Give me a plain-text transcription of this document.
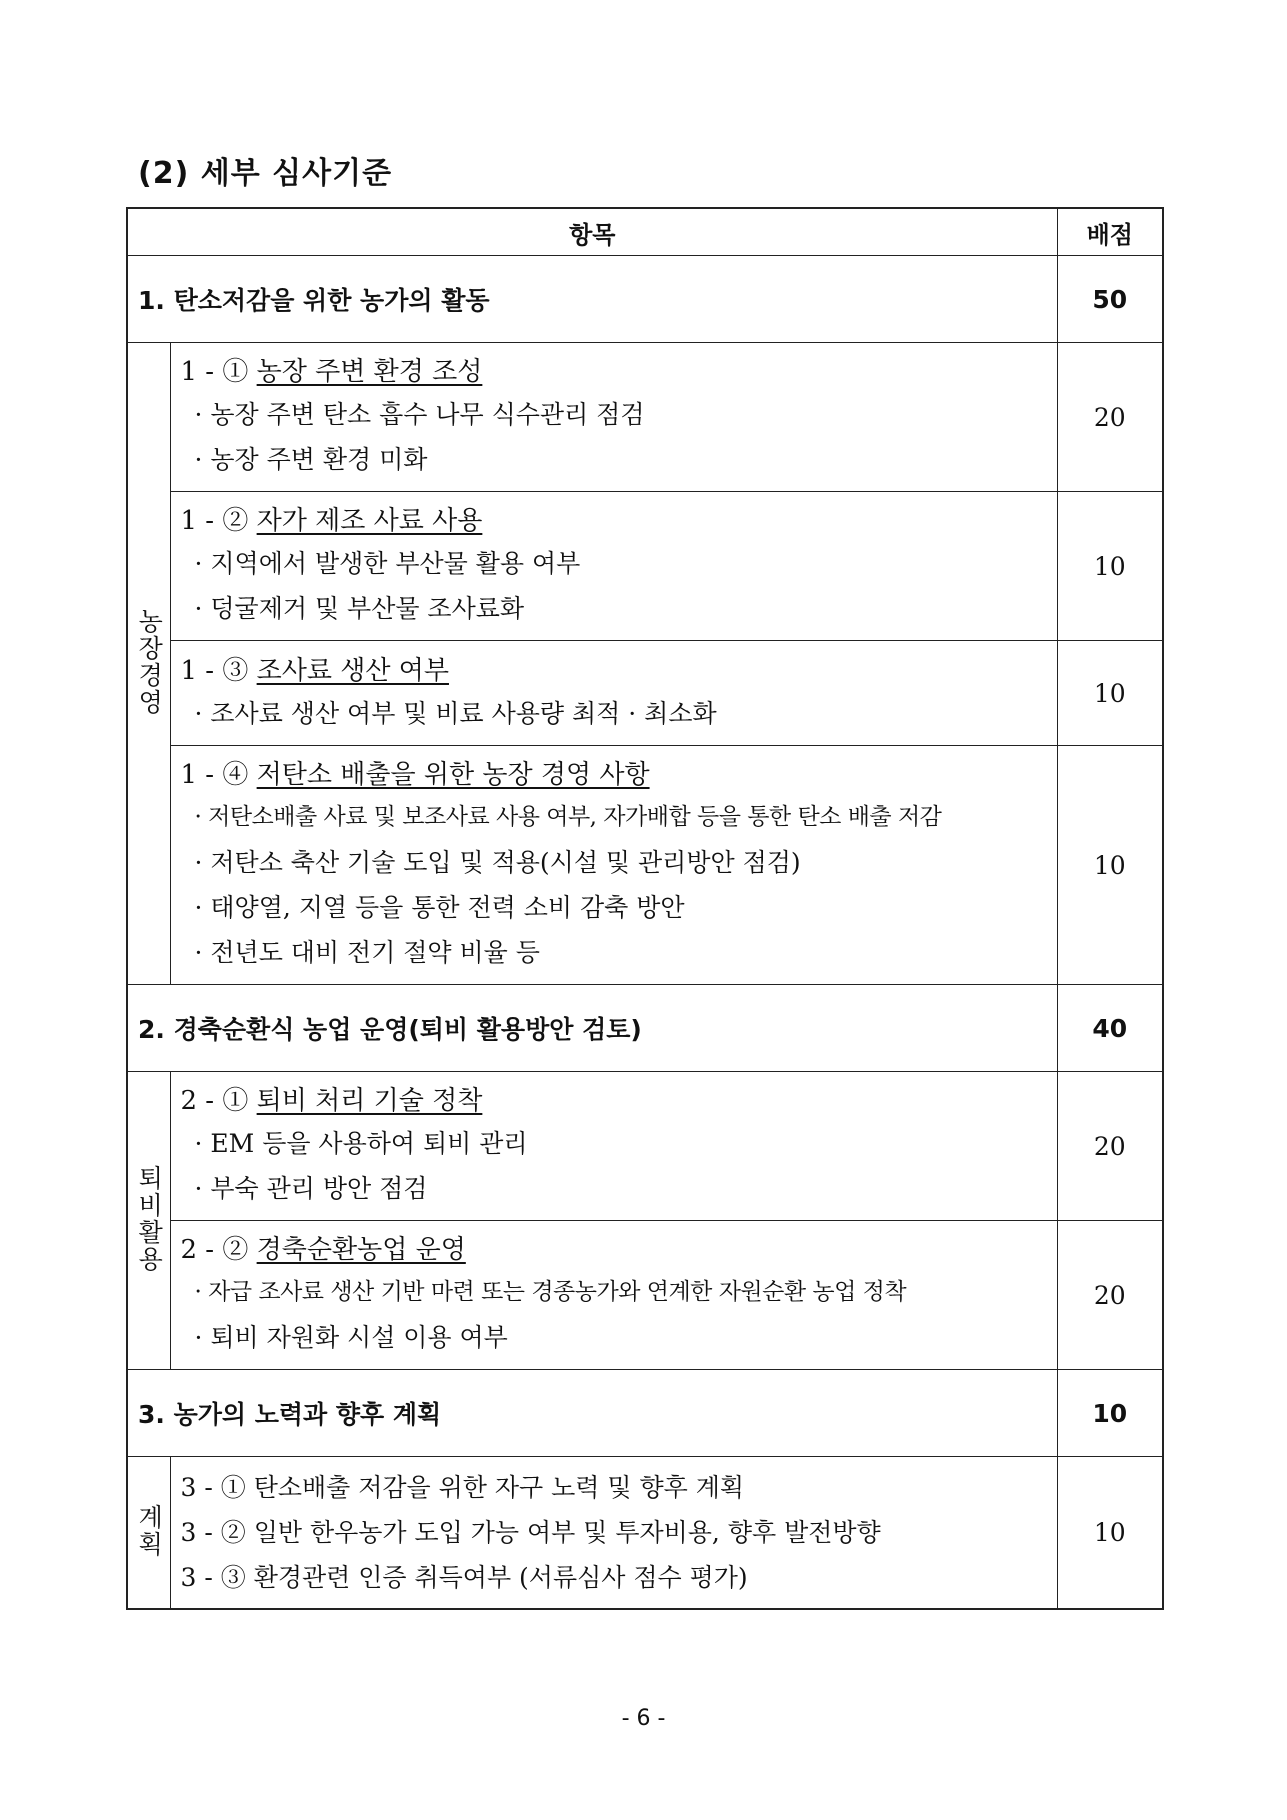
(2) 세부 심사기준
항목		배점
1. 탄소저감을 위한 농가의 활동		50
농장경영	1 - ① 농장 주변 환경 조성
· 농장 주변 탄소 흡수 나무 식수관리 점검
· 농장 주변 환경 미화	20

	1 - ② 자가 제조 사료 사용
· 지역에서 발생한 부산물 활용 여부
· 덩굴제거 및 부산물 조사료화	10

	1 - ③ 조사료 생산 여부
· 조사료 생산 여부 및 비료 사용량 최적 · 최소화	10

	1 - ④ 저탄소 배출을 위한 농장 경영 사항
· 저탄소배출 사료 및 보조사료 사용 여부, 자가배합 등을 통한 탄소 배출 저감
· 저탄소 축산 기술 도입 및 적용(시설 및 관리방안 점검)
· 태양열, 지열 등을 통한 전력 소비 감축 방안
· 전년도 대비 전기 절약 비율 등	10
2. 경축순환식 농업 운영(퇴비 활용방안 검토)		40
퇴비활용	2 - ① 퇴비 처리 기술 정착
· EM 등을 사용하여 퇴비 관리
· 부숙 관리 방안 점검	20

	2 - ② 경축순환농업 운영
· 자급 조사료 생산 기반 마련 또는 경종농가와 연계한 자원순환 농업 정착
· 퇴비 자원화 시설 이용 여부	20
3. 농가의 노력과 향후 계획		10
계획	3 - ① 탄소배출 저감을 위한 자구 노력 및 향후 계획
3 - ② 일반 한우농가 도입 가능 여부 및 투자비용, 향후 발전방향
3 - ③ 환경관련 인증 취득여부 (서류심사 점수 평가)	10
- 6 -
